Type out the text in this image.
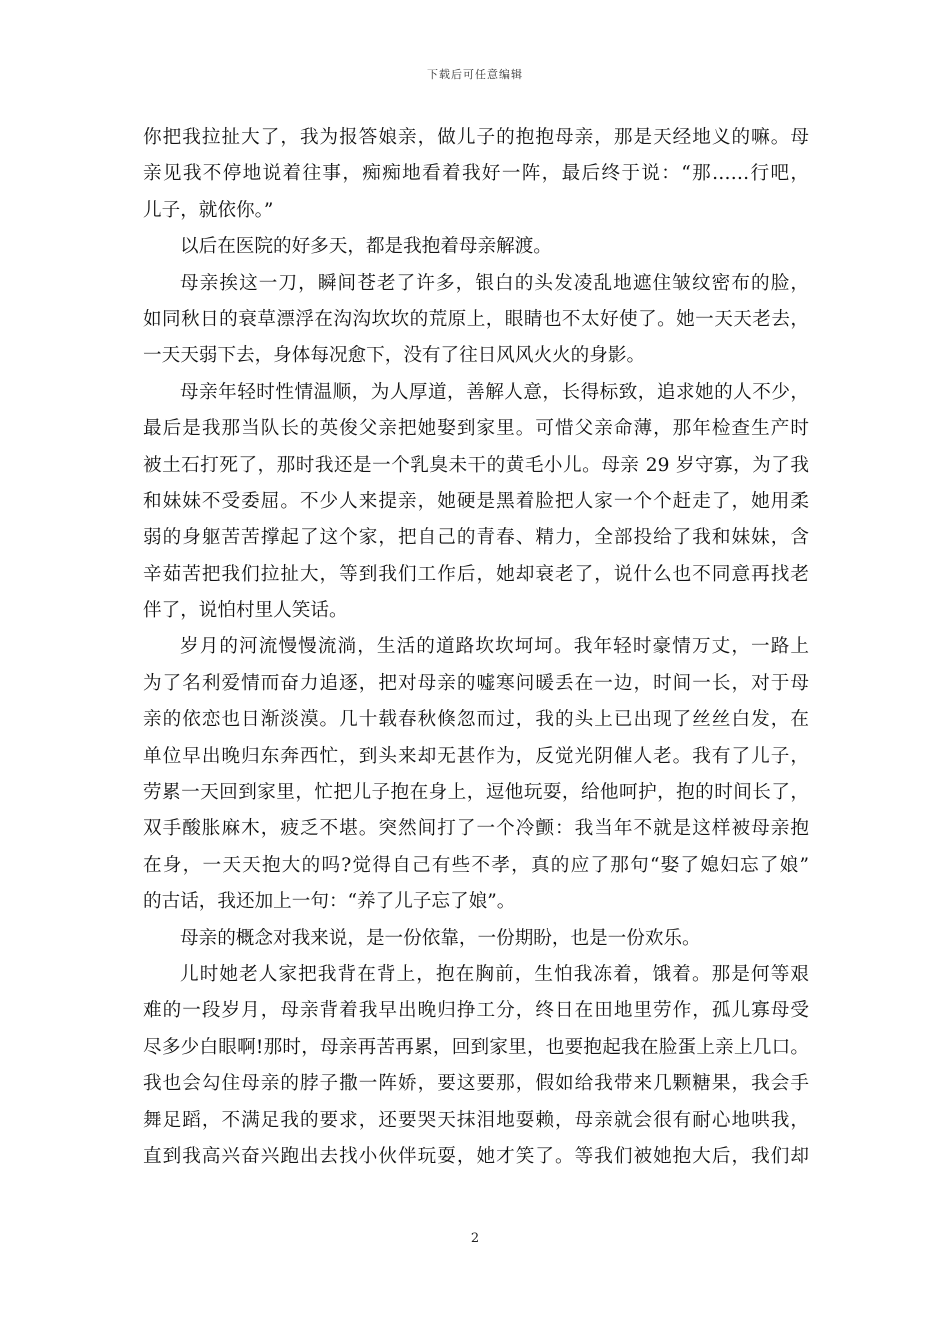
下载后可任意编辑
你把我拉扯大了，我为报答娘亲，做儿子的抱抱母亲，那是天经地义的嘛。母
亲见我不停地说着往事，痴痴地看着我好一阵，最后终于说：“那……行吧，
儿子，就依你。”
以后在医院的好多天，都是我抱着母亲解渡。
母亲挨这一刀，瞬间苍老了许多，银白的头发凌乱地遮住皱纹密布的脸，
如同秋日的衰草漂浮在沟沟坎坎的荒原上，眼睛也不太好使了。她一天天老去，
一天天弱下去，身体每况愈下，没有了往日风风火火的身影。
母亲年轻时性情温顺，为人厚道，善解人意，长得标致，追求她的人不少，
最后是我那当队长的英俊父亲把她娶到家里。可惜父亲命薄，那年检查生产时
被土石打死了，那时我还是一个乳臭未干的黄毛小儿。母亲 29 岁守寡，为了我
和妹妹不受委屈。不少人来提亲，她硬是黑着脸把人家一个个赶走了，她用柔
弱的身躯苦苦撑起了这个家，把自己的青春、精力，全部投给了我和妹妹，含
辛茹苦把我们拉扯大，等到我们工作后，她却衰老了，说什么也不同意再找老
伴了，说怕村里人笑话。
岁月的河流慢慢流淌，生活的道路坎坎坷坷。我年轻时豪情万丈，一路上
为了名利爱情而奋力追逐，把对母亲的嘘寒问暖丢在一边，时间一长，对于母
亲的依恋也日渐淡漠。几十载春秋倏忽而过，我的头上已出现了丝丝白发，在
单位早出晚归东奔西忙，到头来却无甚作为，反觉光阴催人老。我有了儿子，
劳累一天回到家里，忙把儿子抱在身上，逗他玩耍，给他呵护，抱的时间长了，
双手酸胀麻木，疲乏不堪。突然间打了一个冷颤：我当年不就是这样被母亲抱
在身，一天天抱大的吗?觉得自己有些不孝，真的应了那句“娶了媳妇忘了娘”
的古话，我还加上一句：“养了儿子忘了娘”。
母亲的概念对我来说，是一份依靠，一份期盼，也是一份欢乐。
儿时她老人家把我背在背上，抱在胸前，生怕我冻着，饿着。那是何等艰
难的一段岁月，母亲背着我早出晚归挣工分，终日在田地里劳作，孤儿寡母受
尽多少白眼啊!那时，母亲再苦再累，回到家里，也要抱起我在脸蛋上亲上几口。
我也会勾住母亲的脖子撒一阵娇，要这要那，假如给我带来几颗糖果，我会手
舞足蹈，不满足我的要求，还要哭天抹泪地耍赖，母亲就会很有耐心地哄我，
直到我高兴奋兴跑出去找小伙伴玩耍，她才笑了。等我们被她抱大后，我们却
2
